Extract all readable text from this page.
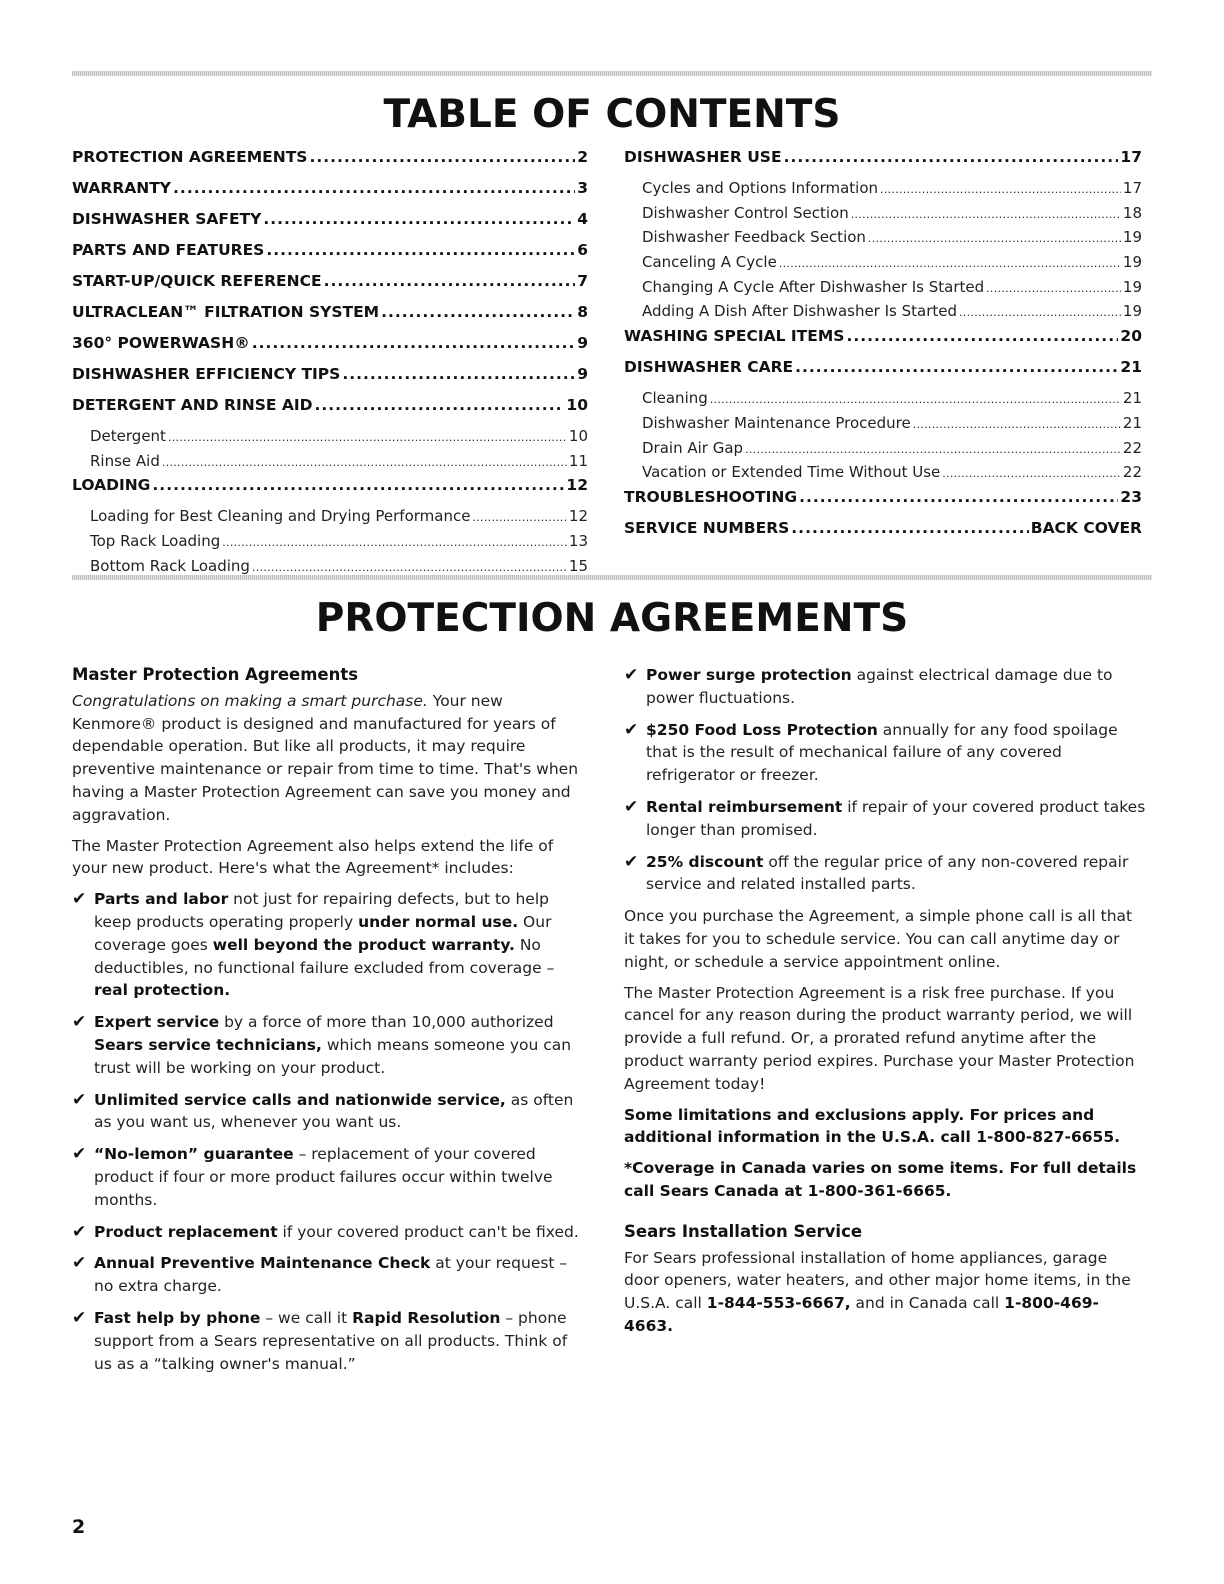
TABLE OF CONTENTS
PROTECTION AGREEMENTS .....	2
WARRANTY .....	3
DISHWASHER SAFETY .....	4
PARTS AND FEATURES .....	6
START-UP/QUICK REFERENCE .....	7
ULTRACLEAN™ FILTRATION SYSTEM .....	8
360° POWERWASH® .....	9
DISHWASHER EFFICIENCY TIPS .....	9
DETERGENT AND RINSE AID .....	10
Detergent .....	10
Rinse Aid .....	11
LOADING .....	12
Loading for Best Cleaning and Drying Performance .....	12
Top Rack Loading .....	13
Bottom Rack Loading .....	15
DISHWASHER USE .....	17
Cycles and Options Information .....	17
Dishwasher Control Section .....	18
Dishwasher Feedback Section .....	19
Canceling A Cycle .....	19
Changing A Cycle After Dishwasher Is Started .....	19
Adding A Dish After Dishwasher Is Started .....	19
WASHING SPECIAL ITEMS .....	20
DISHWASHER CARE .....	21
Cleaning .....	21
Dishwasher Maintenance Procedure .....	21
Drain Air Gap .....	22
Vacation or Extended Time Without Use .....	22
TROUBLESHOOTING .....	23
SERVICE NUMBERS .....	BACK COVER
PROTECTION AGREEMENTS
Master Protection Agreements

Congratulations on making a smart purchase. Your new Kenmore® product is designed and manufactured for years of dependable operation. But like all products, it may require preventive maintenance or repair from time to time. That's when having a Master Protection Agreement can save you money and aggravation.

The Master Protection Agreement also helps extend the life of your new product. Here's what the Agreement* includes:

✔ Parts and labor not just for repairing defects, but to help keep products operating properly under normal use. Our coverage goes well beyond the product warranty. No deductibles, no functional failure excluded from coverage – real protection.
✔ Expert service by a force of more than 10,000 authorized Sears service technicians, which means someone you can trust will be working on your product.
✔ Unlimited service calls and nationwide service, as often as you want us, whenever you want us.
✔ “No-lemon” guarantee – replacement of your covered product if four or more product failures occur within twelve months.
✔ Product replacement if your covered product can't be fixed.
✔ Annual Preventive Maintenance Check at your request – no extra charge.
✔ Fast help by phone – we call it Rapid Resolution – phone support from a Sears representative on all products. Think of us as a “talking owner's manual.”
✔ Power surge protection against electrical damage due to power fluctuations.
✔ $250 Food Loss Protection annually for any food spoilage that is the result of mechanical failure of any covered refrigerator or freezer.
✔ Rental reimbursement if repair of your covered product takes longer than promised.
✔ 25% discount off the regular price of any non-covered repair service and related installed parts.

Once you purchase the Agreement, a simple phone call is all that it takes for you to schedule service. You can call anytime day or night, or schedule a service appointment online.

The Master Protection Agreement is a risk free purchase. If you cancel for any reason during the product warranty period, we will provide a full refund. Or, a prorated refund anytime after the product warranty period expires. Purchase your Master Protection Agreement today!

Some limitations and exclusions apply. For prices and additional information in the U.S.A. call 1-800-827-6655.

*Coverage in Canada varies on some items. For full details call Sears Canada at 1-800-361-6665.

Sears Installation Service

For Sears professional installation of home appliances, garage door openers, water heaters, and other major home items, in the U.S.A. call 1-844-553-6667, and in Canada call 1-800-469-4663.

2
